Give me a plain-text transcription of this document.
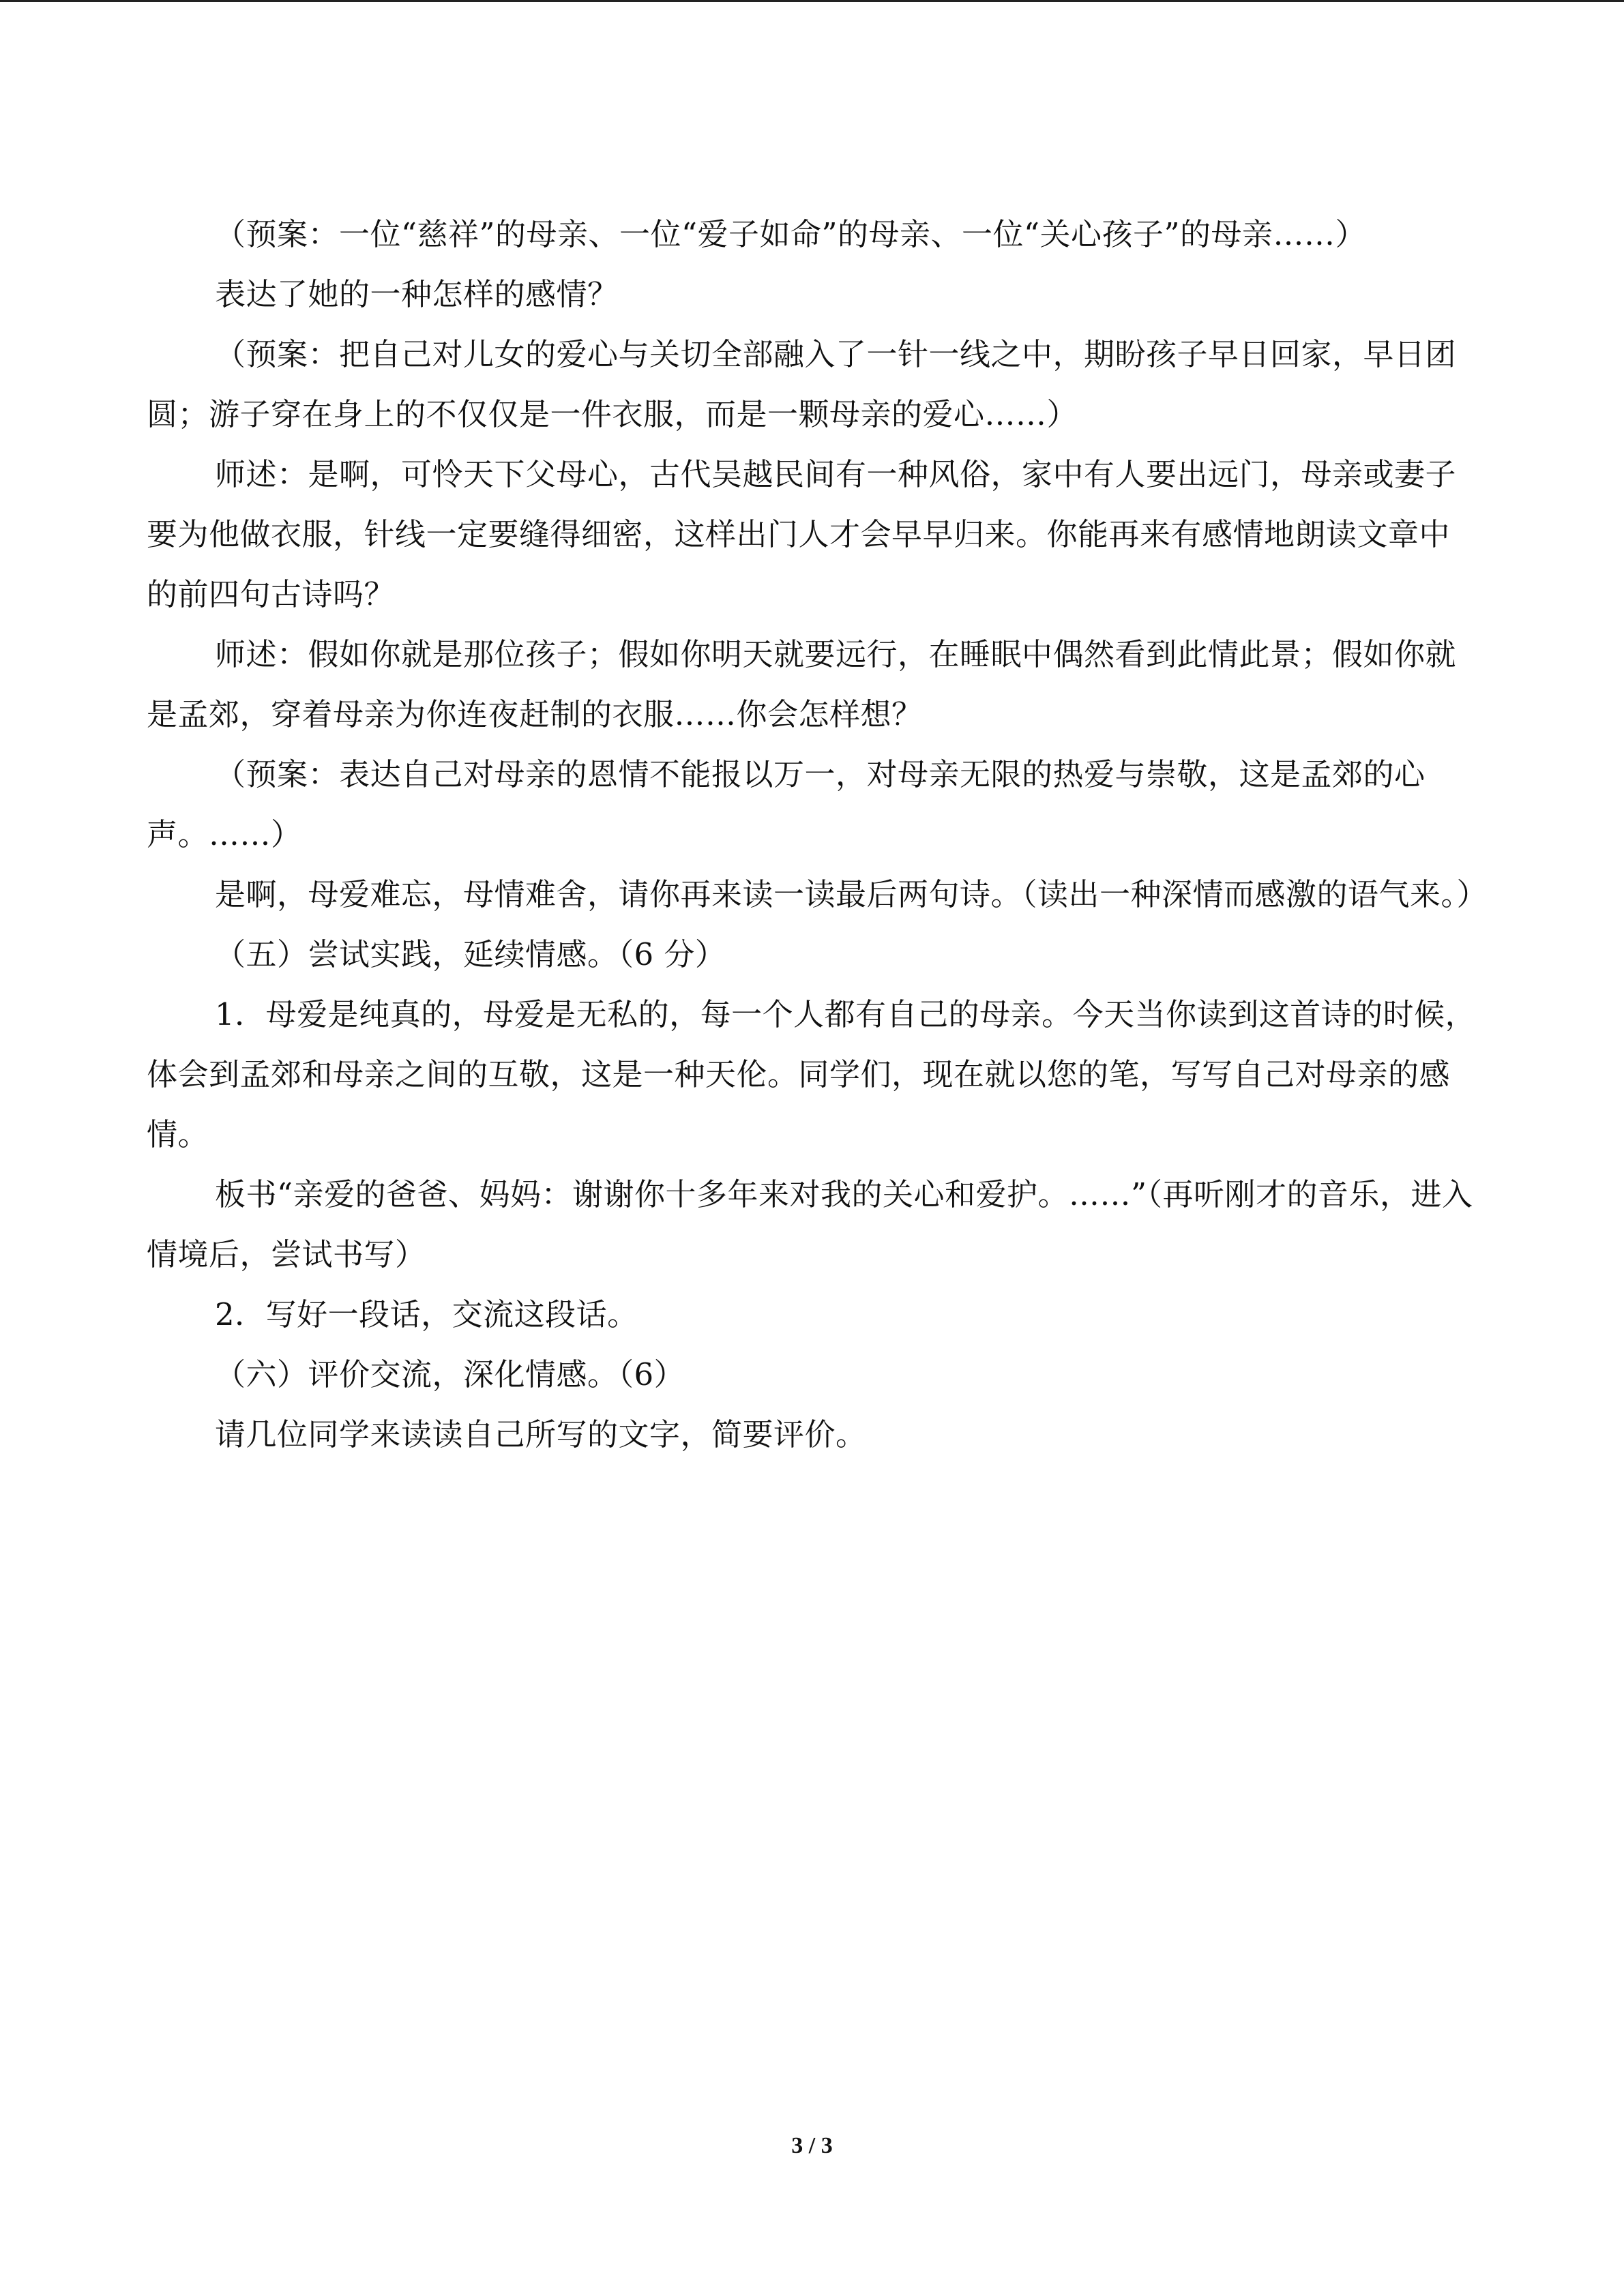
（预案：一位“慈祥”的母亲、一位“爱子如命”的母亲、一位“关心孩子”的母亲……）

表达了她的一种怎样的感情？

（预案：把自己对儿女的爱心与关切全部融入了一针一线之中，期盼孩子早日回家，早日团圆；游子穿在身上的不仅仅是一件衣服，而是一颗母亲的爱心……）

师述：是啊，可怜天下父母心，古代吴越民间有一种风俗，家中有人要出远门，母亲或妻子要为他做衣服，针线一定要缝得细密，这样出门人才会早早归来。你能再来有感情地朗读文章中的前四句古诗吗？

师述：假如你就是那位孩子；假如你明天就要远行，在睡眠中偶然看到此情此景；假如你就是孟郊，穿着母亲为你连夜赶制的衣服……你会怎样想？

（预案：表达自己对母亲的恩情不能报以万一，对母亲无限的热爱与崇敬，这是孟郊的心声。……）

是啊，母爱难忘，母情难舍，请你再来读一读最后两句诗。（读出一种深情而感激的语气来。）

（五）尝试实践，延续情感。（6 分）

1．母爱是纯真的，母爱是无私的，每一个人都有自己的母亲。今天当你读到这首诗的时候，体会到孟郊和母亲之间的互敬，这是一种天伦。同学们，现在就以您的笔，写写自己对母亲的感情。

板书“亲爱的爸爸、妈妈：谢谢你十多年来对我的关心和爱护。……”（再听刚才的音乐，进入情境后，尝试书写）

2．写好一段话，交流这段话。

（六）评价交流，深化情感。（6）

请几位同学来读读自己所写的文字，简要评价。

3 / 3
